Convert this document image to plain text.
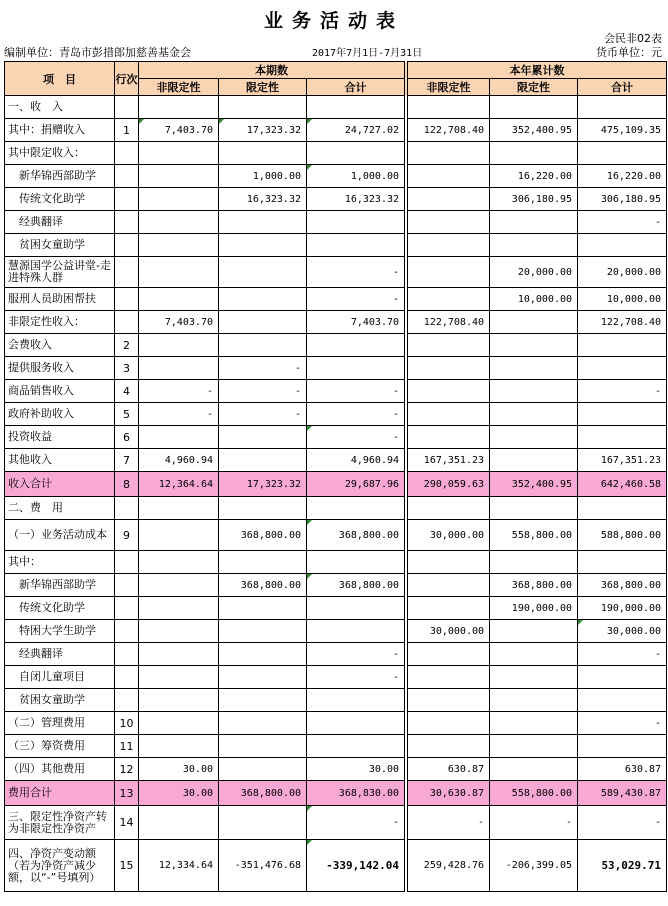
业务活动表
会民非02表
编制单位：青岛市彭措郎加慈善基金会	2017年7月1日-7月31日	货币单位：元
项　目	行次	本期数				本年累计数		
		非限定性	限定性	合计		非限定性	限定性	合计
一、收　入								
其中：捐赠收入	1	7,403.70	17,323.32	24,727.02		122,708.40	352,400.95	475,109.35
其中限定收入：								
新华锦西部助学			1,000.00	1,000.00			16,220.00	16,220.00
传统文化助学			16,323.32	16,323.32			306,180.95	306,180.95
经典翻译								-
贫困女童助学								
慧源国学公益讲堂-走进特殊人群				-			20,000.00	20,000.00
服刑人员助困帮扶				-			10,000.00	10,000.00
非限定性收入：		7,403.70		7,403.70		122,708.40		122,708.40
会费收入	2							
提供服务收入	3		-					
商品销售收入	4	-	-	-				-
政府补助收入	5	-	-	-				
投资收益	6			-				
其他收入	7	4,960.94		4,960.94		167,351.23		167,351.23
收入合计	8	12,364.64	17,323.32	29,687.96		290,059.63	352,400.95	642,460.58
二、费　用								
（一）业务活动成本	9		368,800.00	368,800.00		30,000.00	558,800.00	588,800.00
其中：								
新华锦西部助学			368,800.00	368,800.00			368,800.00	368,800.00
传统文化助学							190,000.00	190,000.00
特困大学生助学						30,000.00		30,000.00
经典翻译				-				-
自闭儿童项目				-				
贫困女童助学								
（二）管理费用	10							-
（三）筹资费用	11							
（四）其他费用	12	30.00		30.00		630.87		630.87
费用合计	13	30.00	368,800.00	368,830.00		30,630.87	558,800.00	589,430.87
三、限定性净资产转为非限定性净资产	14			-		-	-	-
四、净资产变动额（若为净资产减少额，以“-”号填列）	15	12,334.64	-351,476.68	-339,142.04		259,428.76	-206,399.05	53,029.71
